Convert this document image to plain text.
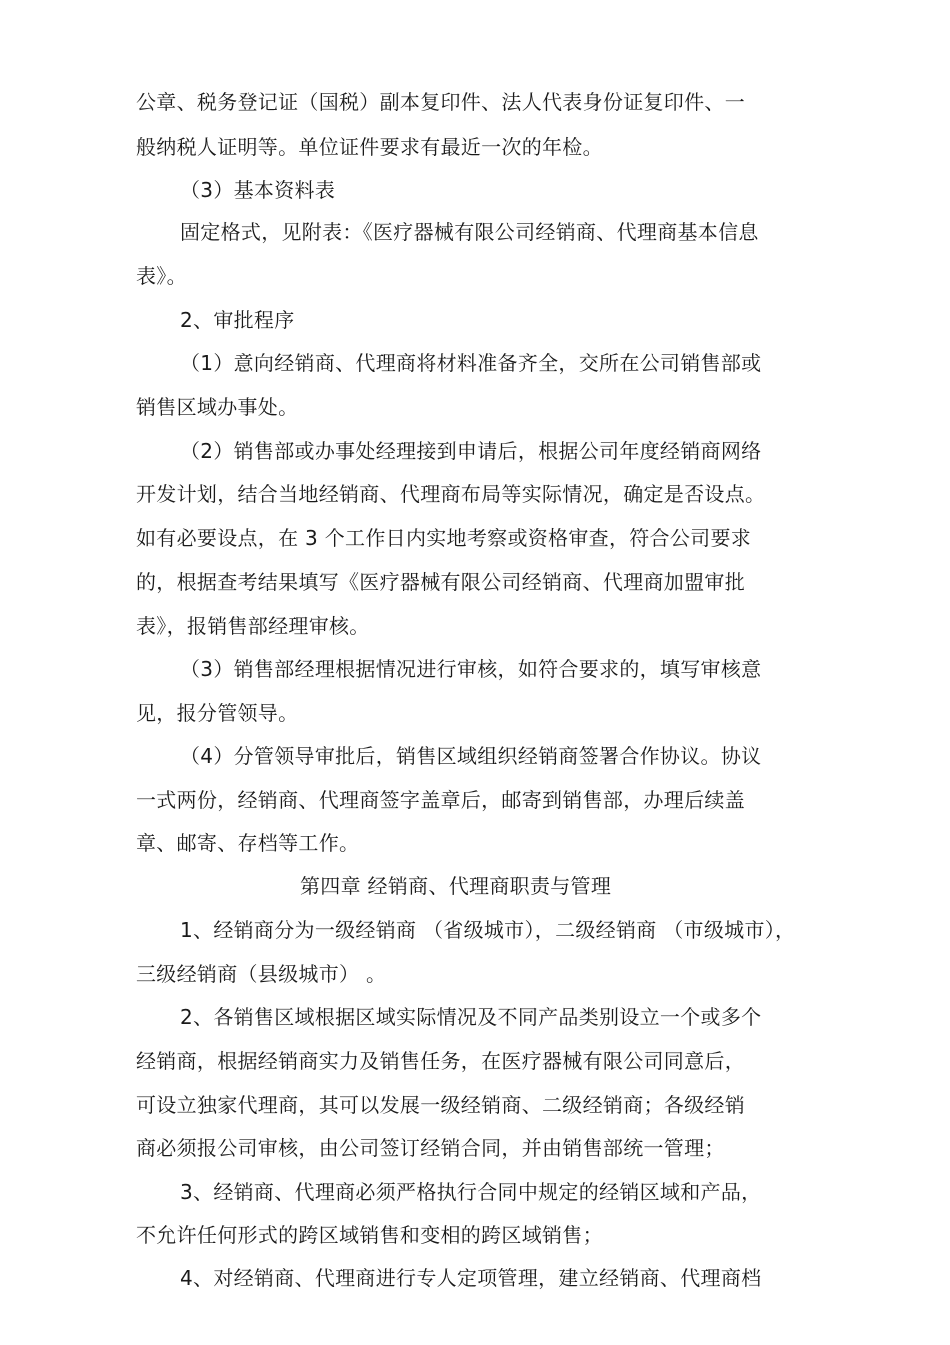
公章、税务登记证（国税）副本复印件、法人代表身份证复印件、一
般纳税人证明等。单位证件要求有最近一次的年检。
（3）基本资料表
固定格式，见附表：《医疗器械有限公司经销商、代理商基本信息
表》。
2、审批程序
（1）意向经销商、代理商将材料准备齐全，交所在公司销售部或
销售区域办事处。
（2）销售部或办事处经理接到申请后，根据公司年度经销商网络
开发计划，结合当地经销商、代理商布局等实际情况，确定是否设点。
如有必要设点，在 3 个工作日内实地考察或资格审查，符合公司要求
的，根据查考结果填写《医疗器械有限公司经销商、代理商加盟审批
表》，报销售部经理审核。
（3）销售部经理根据情况进行审核，如符合要求的，填写审核意
见，报分管领导。
（4）分管领导审批后，销售区域组织经销商签署合作协议。协议
一式两份，经销商、代理商签字盖章后，邮寄到销售部，办理后续盖
章、邮寄、存档等工作。
第四章 经销商、代理商职责与管理
1、经销商分为一级经销商 （省级城市），二级经销商 （市级城市），
三级经销商（县级城市） 。
2、各销售区域根据区域实际情况及不同产品类别设立一个或多个
经销商，根据经销商实力及销售任务，在医疗器械有限公司同意后，
可设立独家代理商，其可以发展一级经销商、二级经销商；各级经销
商必须报公司审核，由公司签订经销合同，并由销售部统一管理；
3、经销商、代理商必须严格执行合同中规定的经销区域和产品，
不允许任何形式的跨区域销售和变相的跨区域销售；
4、对经销商、代理商进行专人定项管理，建立经销商、代理商档
